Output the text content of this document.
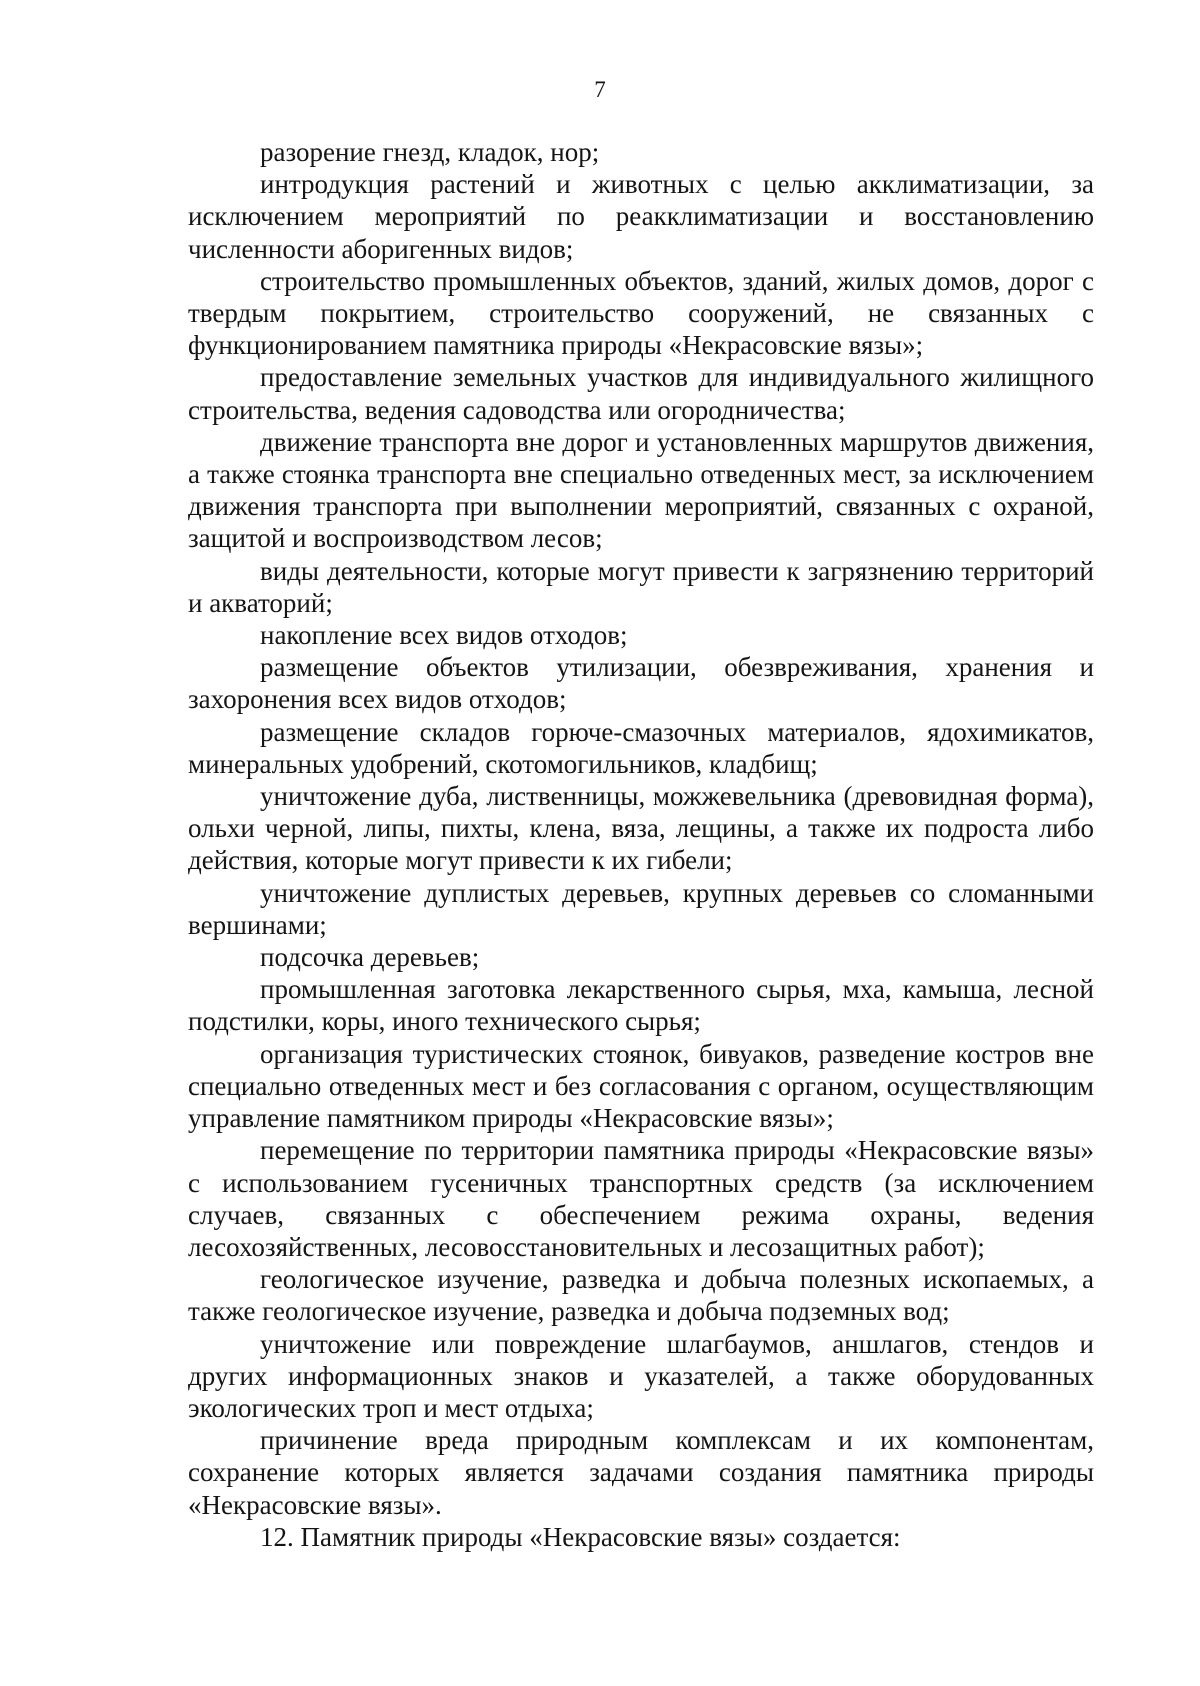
7

разорение гнезд, кладок, нор;

интродукция растений и животных с целью акклиматизации, за исключением мероприятий по реакклиматизации и восстановлению численности аборигенных видов;

строительство промышленных объектов, зданий, жилых домов, дорог с твердым покрытием, строительство сооружений, не связанных с функционированием памятника природы «Некрасовские вязы»;

предоставление земельных участков для индивидуального жилищного строительства, ведения садоводства или огородничества;

движение транспорта вне дорог и установленных маршрутов движения, а также стоянка транспорта вне специально отведенных мест, за исключением движения транспорта при выполнении мероприятий, связанных с охраной, защитой и воспроизводством лесов;

виды деятельности, которые могут привести к загрязнению территорий и акваторий;

накопление всех видов отходов;

размещение объектов утилизации, обезвреживания, хранения и захоронения всех видов отходов;

размещение складов горюче-смазочных материалов, ядохимикатов, минеральных удобрений, скотомогильников, кладбищ;

уничтожение дуба, лиственницы, можжевельника (древовидная форма), ольхи черной, липы, пихты, клена, вяза, лещины, а также их подроста либо действия, которые могут привести к их гибели;

уничтожение дуплистых деревьев, крупных деревьев со сломанными вершинами;

подсочка деревьев;

промышленная заготовка лекарственного сырья, мха, камыша, лесной подстилки, коры, иного технического сырья;

организация туристических стоянок, бивуаков, разведение костров вне специально отведенных мест и без согласования с органом, осуществляющим управление памятником природы «Некрасовские вязы»;

перемещение по территории памятника природы «Некрасовские вязы» с использованием гусеничных транспортных средств (за исключением случаев, связанных с обеспечением режима охраны, ведения лесохозяйственных, лесовосстановительных и лесозащитных работ);

геологическое изучение, разведка и добыча полезных ископаемых, а также геологическое изучение, разведка и добыча подземных вод;

уничтожение или повреждение шлагбаумов, аншлагов, стендов и других информационных знаков и указателей, а также оборудованных экологических троп и мест отдыха;

причинение вреда природным комплексам и их компонентам, сохранение которых является задачами создания памятника природы «Некрасовские вязы».

12. Памятник природы «Некрасовские вязы» создается:
